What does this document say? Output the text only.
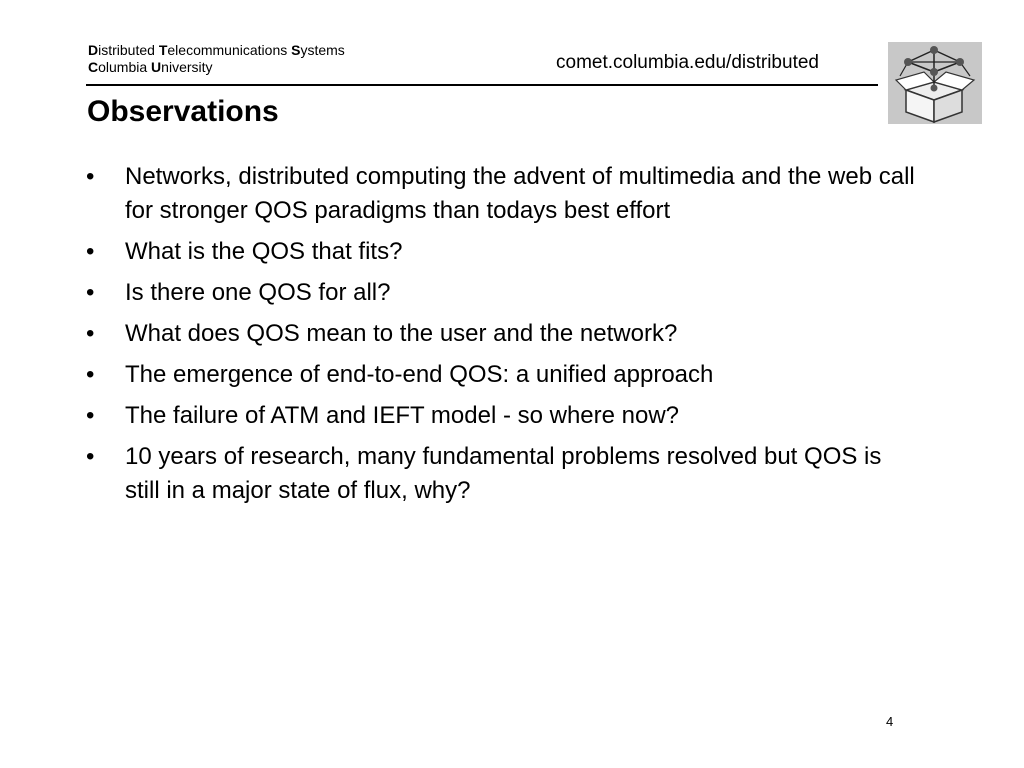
Distributed Telecommunications Systems
Columbia University	comet.columbia.edu/distributed
Observations
•	Networks, distributed computing the advent of multimedia and the web call for stronger QOS paradigms than todays best effort
•	What is the QOS that fits?
•	Is there one QOS for all?
•	What does QOS mean to the user and the network?
•	The emergence of end-to-end QOS: a unified approach
•	The failure of ATM and IEFT model - so where now?
•	10 years of research, many fundamental problems resolved but QOS is still in a major state of flux, why?
4
